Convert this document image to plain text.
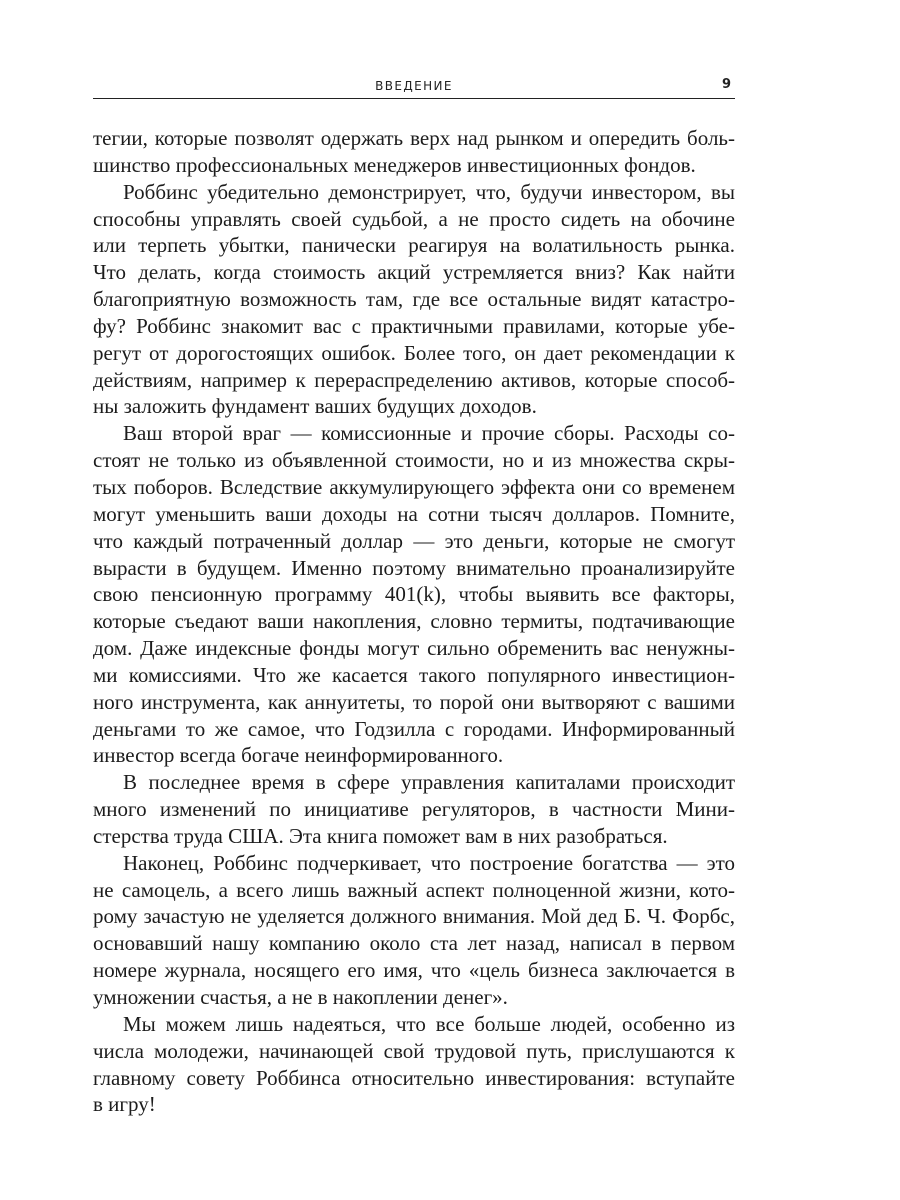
ВВЕДЕНИЕ	9
тегии, которые позволят одержать верх над рынком и опередить боль-
шинство профессиональных менеджеров инвестиционных фондов.
Роббинс убедительно демонстрирует, что, будучи инвестором, вы
способны управлять своей судьбой, а не просто сидеть на обочине
или терпеть убытки, панически реагируя на волатильность рынка.
Что делать, когда стоимость акций устремляется вниз? Как найти
благоприятную возможность там, где все остальные видят катастро-
фу? Роббинс знакомит вас с практичными правилами, которые убе-
регут от дорогостоящих ошибок. Более того, он дает рекомендации к
действиям, например к перераспределению активов, которые способ-
ны заложить фундамент ваших будущих доходов.
Ваш второй враг — комиссионные и прочие сборы. Расходы со-
стоят не только из объявленной стоимости, но и из множества скры-
тых поборов. Вследствие аккумулирующего эффекта они со временем
могут уменьшить ваши доходы на сотни тысяч долларов. Помните,
что каждый потраченный доллар — это деньги, которые не смогут
вырасти в будущем. Именно поэтому внимательно проанализируйте
свою пенсионную программу 401(k), чтобы выявить все факторы,
которые съедают ваши накопления, словно термиты, подтачивающие
дом. Даже индексные фонды могут сильно обременить вас ненужны-
ми комиссиями. Что же касается такого популярного инвестицион-
ного инструмента, как аннуитеты, то порой они вытворяют с вашими
деньгами то же самое, что Годзилла с городами. Информированный
инвестор всегда богаче неинформированного.
В последнее время в сфере управления капиталами происходит
много изменений по инициативе регуляторов, в частности Мини-
стерства труда США. Эта книга поможет вам в них разобраться.
Наконец, Роббинс подчеркивает, что построение богатства — это
не самоцель, а всего лишь важный аспект полноценной жизни, кото-
рому зачастую не уделяется должного внимания. Мой дед Б. Ч. Форбс,
основавший нашу компанию около ста лет назад, написал в первом
номере журнала, носящего его имя, что «цель бизнеса заключается в
умножении счастья, а не в накоплении денег».
Мы можем лишь надеяться, что все больше людей, особенно из
числа молодежи, начинающей свой трудовой путь, прислушаются к
главному совету Роббинса относительно инвестирования: вступайте
в игру!
